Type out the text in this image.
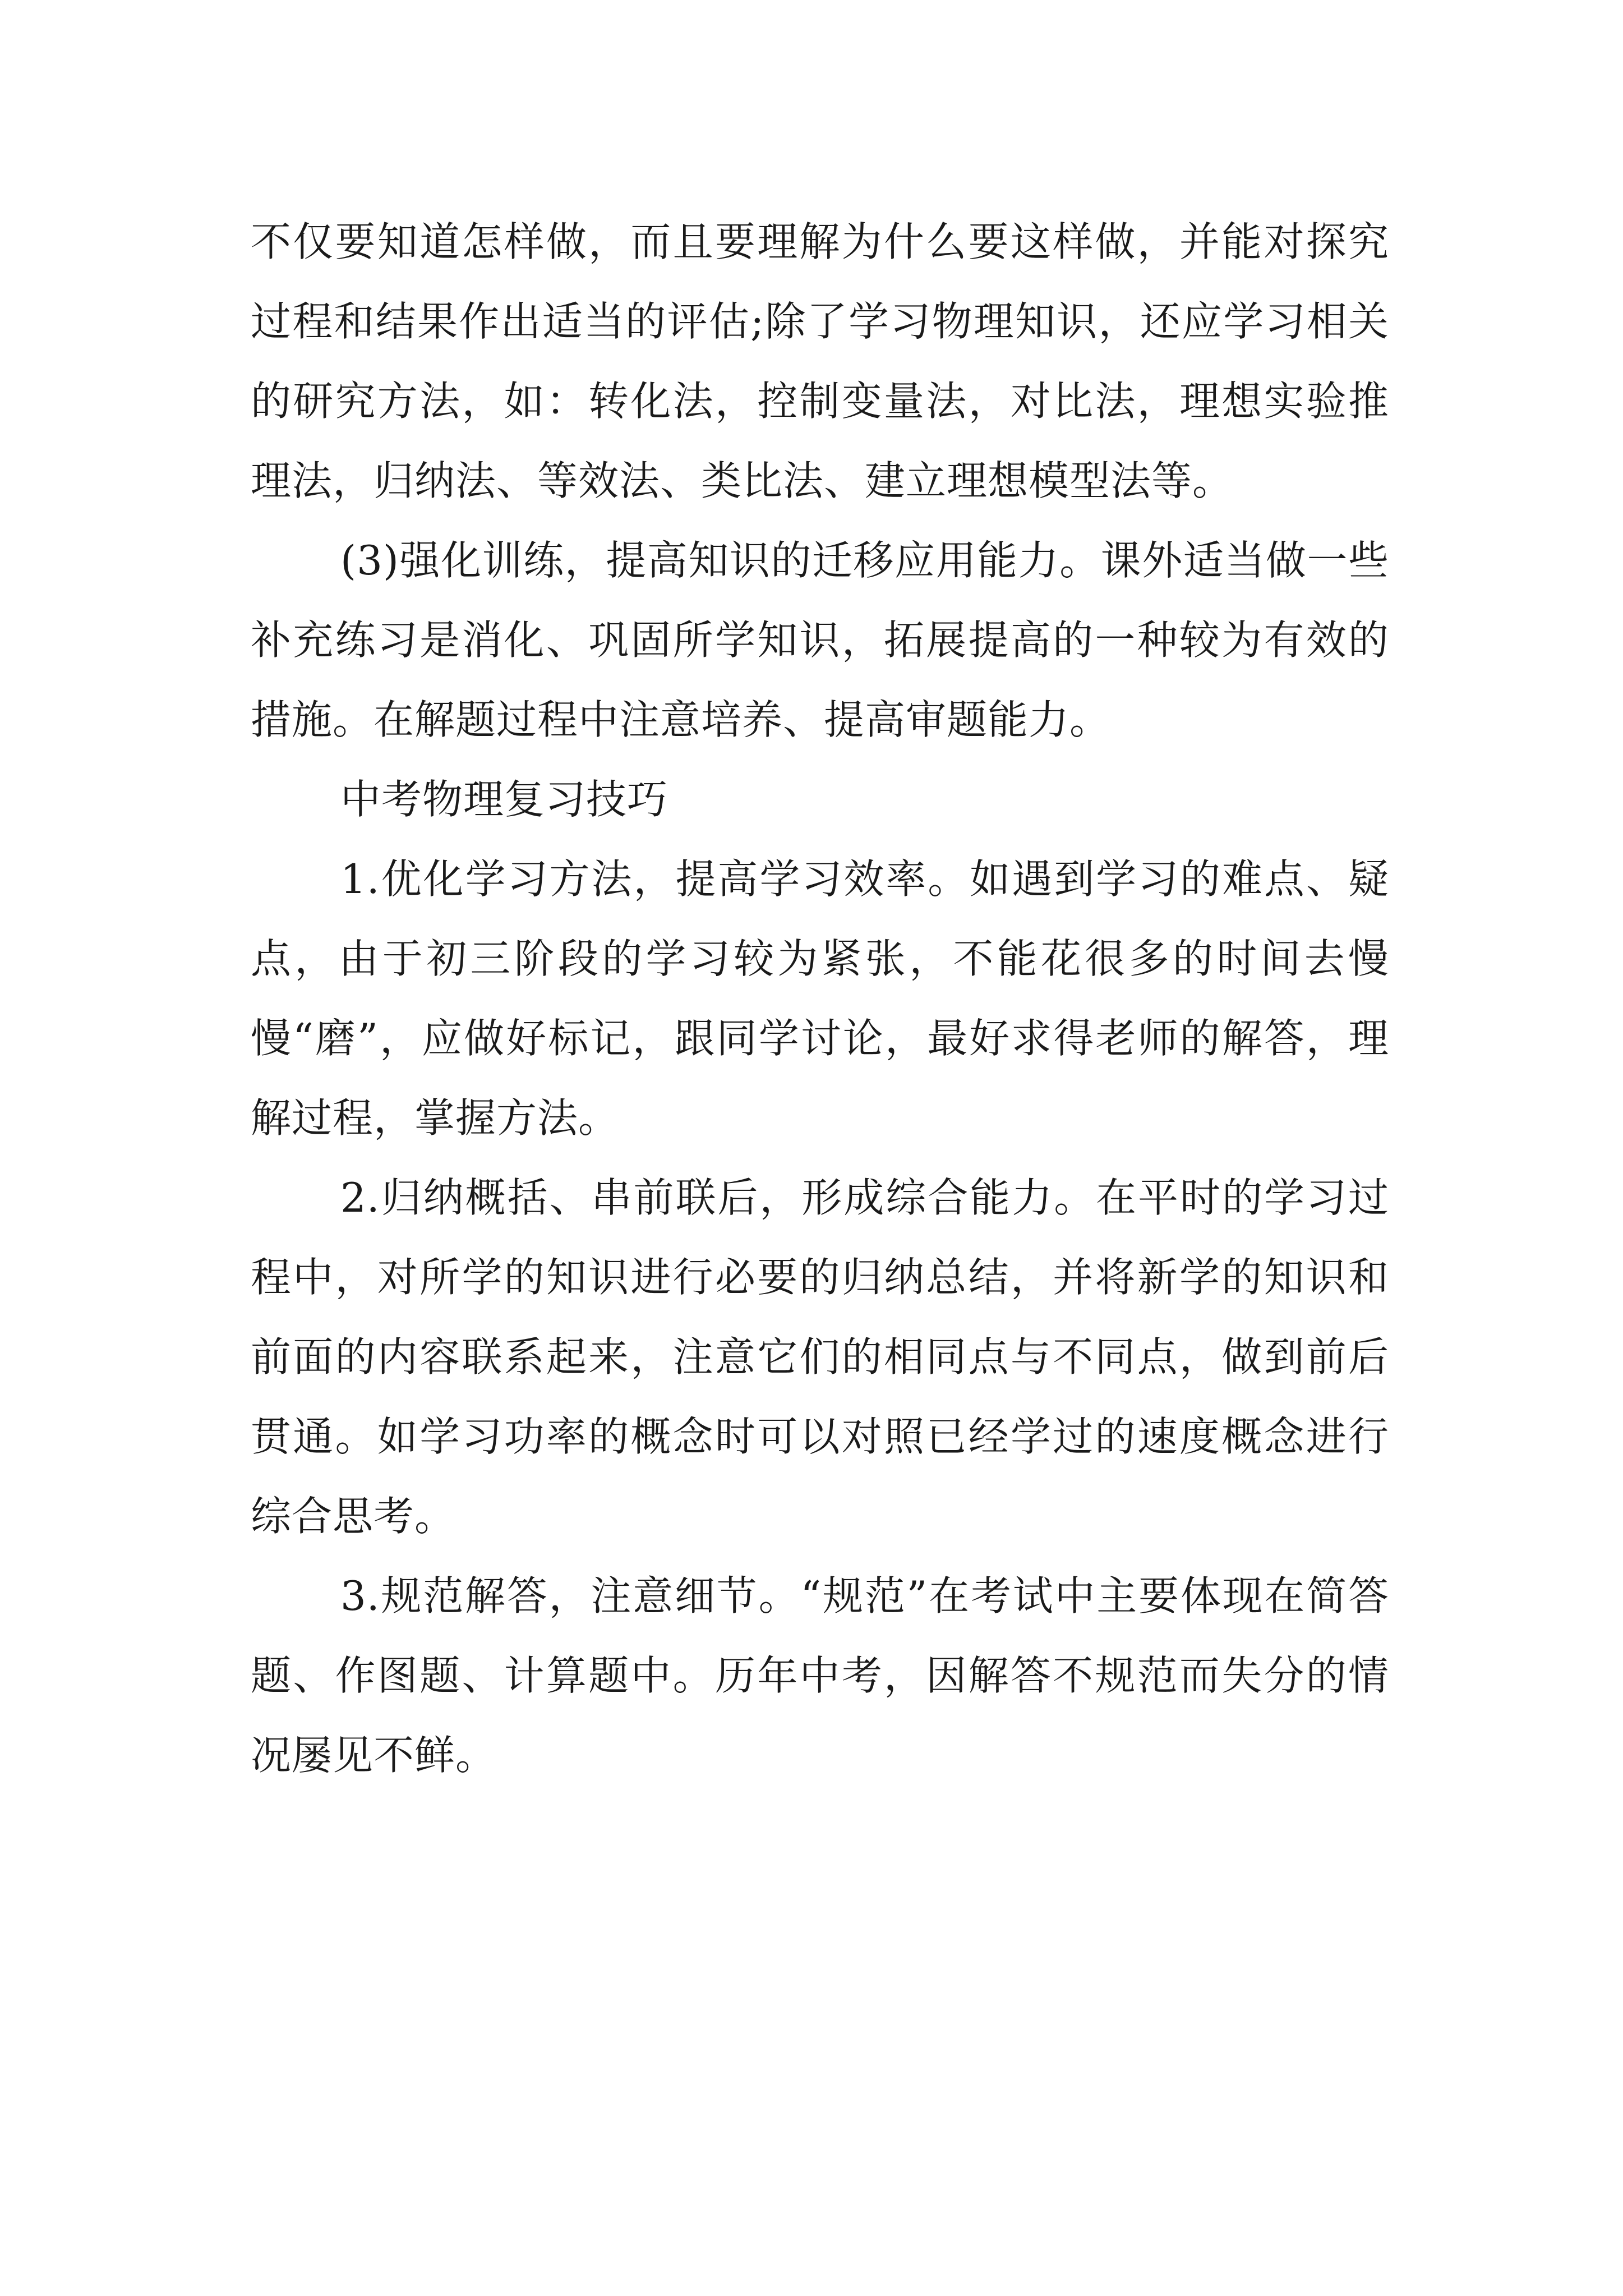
不仅要知道怎样做，而且要理解为什么要这样做，并能对探究过程和结果作出适当的评估;除了学习物理知识，还应学习相关的研究方法，如：转化法，控制变量法，对比法，理想实验推理法，归纳法、等效法、类比法、建立理想模型法等。

(3)强化训练，提高知识的迁移应用能力。课外适当做一些补充练习是消化、巩固所学知识，拓展提高的一种较为有效的措施。在解题过程中注意培养、提高审题能力。

中考物理复习技巧

1.优化学习方法，提高学习效率。如遇到学习的难点、疑点，由于初三阶段的学习较为紧张，不能花很多的时间去慢慢“磨”，应做好标记，跟同学讨论，最好求得老师的解答，理解过程，掌握方法。

2.归纳概括、串前联后，形成综合能力。在平时的学习过程中，对所学的知识进行必要的归纳总结，并将新学的知识和前面的内容联系起来，注意它们的相同点与不同点，做到前后贯通。如学习功率的概念时可以对照已经学过的速度概念进行综合思考。

3.规范解答，注意细节。“规范”在考试中主要体现在简答题、作图题、计算题中。历年中考，因解答不规范而失分的情况屡见不鲜。
